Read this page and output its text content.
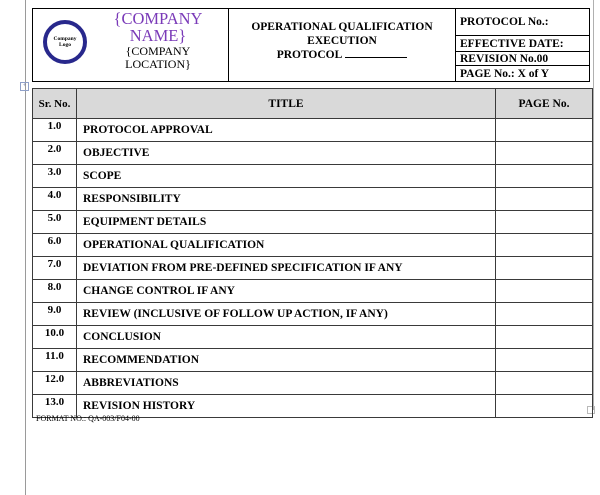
+
Company Logo
{COMPANY NAME}
{COMPANY LOCATION}
OPERATIONAL QUALIFICATION
EXECUTION
PROTOCOL
PROTOCOL No.:
EFFECTIVE DATE:
REVISION No.00
PAGE No.: X of Y
Sr. No.	TITLE	PAGE No.
1.0	PROTOCOL APPROVAL	
2.0	OBJECTIVE	
3.0	SCOPE	
4.0	RESPONSIBILITY	
5.0	EQUIPMENT DETAILS	
6.0	OPERATIONAL QUALIFICATION	
7.0	DEVIATION FROM PRE-DEFINED SPECIFICATION IF ANY	
8.0	CHANGE CONTROL IF ANY	
9.0	REVIEW (INCLUSIVE OF FOLLOW UP ACTION, IF ANY)	
10.0	CONCLUSION	
11.0	RECOMMENDATION	
12.0	ABBREVIATIONS	
13.0	REVISION HISTORY	
FORMAT NO.: QA-003/F04-00
